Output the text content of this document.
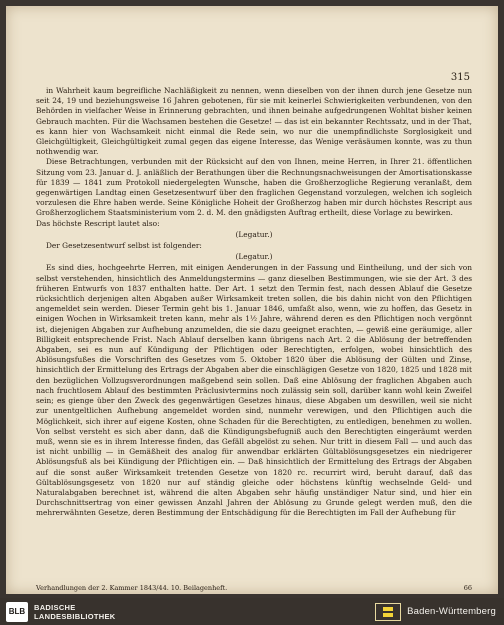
315

in Wahrheit kaum begreifliche Nachläßigkeit zu nennen, wenn dieselben von der ihnen durch jene Gesetze nun seit 24, 19 und beziehungsweise 16 Jahren gebotenen, für sie mit keinerlei Schwierigkeiten verbundenen, von den Behörden in vielfacher Weise in Erinnerung gebrachten, und ihnen beinahe aufgedrungenen Wohltat bisher keinen Gebrauch machten. Für die Wachsamen bestehen die Gesetze! — das ist ein bekannter Rechtssatz, und in der That, es kann hier von Wachsamkeit nicht einmal die Rede sein, wo nur die unempfindlichste Sorglosigkeit und Gleichgültigkeit, Gleichgültigkeit zumal gegen das eigene Interesse, das Wenige veräsäumen konnte, was zu thun nothwendig war.

Diese Betrachtungen, verbunden mit der Rücksicht auf den von Ihnen, meine Herren, in Ihrer 21. öffentlichen Sitzung vom 23. Januar d. J. anläßlich der Berathungen über die Rechnungsnachweisungen der Amortisationskasse für 1839 — 1841 zum Protokoll niedergelegten Wunsche, haben die Großherzogliche Regierung veranlaßt, dem gegenwärtigen Landtag einen Gesetzesentwurf über den fraglichen Gegenstand vorzulegen, welchen ich sogleich vorzulesen die Ehre haben werde. Seine Königliche Hoheit der Großherzog haben mir durch höchstes Rescript aus Großherzoglichem Staatsministerium vom 2. d. M. den gnädigsten Auftrag ertheilt, diese Vorlage zu bewirken.

Das höchste Rescript lautet also:

(Legatur.)

Der Gesetzesentwurf selbst ist folgender:

(Legatur.)

Es sind dies, hochgeehrte Herren, mit einigen Aenderungen in der Fassung und Eintheilung, und der sich von selbst verstehenden, hinsichtlich des Anmeldungstermins — ganz dieselben Bestimmungen, wie sie der Art. 3 des früheren Entwurfs von 1837 enthalten hatte. Der Art. 1 setzt den Termin fest, nach dessen Ablauf die Gesetze rücksichtlich derjenigen alten Abgaben außer Wirksamkeit treten sollen, die bis dahin nicht von den Pflichtigen angemeldet sein werden. Dieser Termin geht bis 1. Januar 1846, umfaßt also, wenn, wie zu hoffen, das Gesetz in einigen Wochen in Wirksamkeit treten kann, mehr als 1½ Jahre, während deren es den Pflichtigen noch vergönnt ist, diejenigen Abgaben zur Aufhebung anzumelden, die sie dazu geeignet erachten, — gewiß eine geräumige, aller Billigkeit entsprechende Frist. Nach Ablauf derselben kann übrigens nach Art. 2 die Ablösung der betreffenden Abgaben, sei es nun auf Kündigung der Pflichtigen oder Berechtigten, erfolgen, wobei hinsichtlich des Ablösungsfußes die Vorschriften des Gesetzes vom 5. Oktober 1820 über die Ablösung der Gülten und Zinse, hinsichtlich der Ermittelung des Ertrags der Abgaben aber die einschlägigen Gesetze von 1820, 1825 und 1828 mit den bezüglichen Vollzugsverordnungen maßgebend sein sollen. Daß eine Ablösung der fraglichen Abgaben auch nach fruchtlosem Ablauf des bestimmten Präclusivtermins noch zulässig sein soll, darüber kann wohl kein Zweifel sein; es gienge über den Zweck des gegenwärtigen Gesetzes hinaus, diese Abgaben um deswillen, weil sie nicht zur unentgeltlichen Aufhebung angemeldet worden sind, nunmehr verewigen, und den Pflichtigen auch die Möglichkeit, sich ihrer auf eigene Kosten, ohne Schaden für die Berechtigten, zu entledigen, benehmen zu wollen. Von selbst versteht es sich aber dann, daß die Kündigungsbefugniß auch den Berechtigten eingeräumt werden muß, wenn sie es in ihrem Interesse finden, das Gefäll abgelöst zu sehen. Nur tritt in diesem Fall — und auch das ist nicht unbillig — in Gemäßheit des analog für anwendbar erklärten Gültablösungsgesetzes ein niedrigerer Ablösungsfuß als bei Kündigung der Pflichtigen ein. — Daß hinsichtlich der Ermittelung des Ertrags der Abgaben auf die sonst außer Wirksamkeit tretenden Gesetze von 1820 rc. recurrirt wird, beruht darauf, daß das Gültablösungsgesetz von 1820 nur auf ständig gleiche oder höchstens künftig wechselnde Geld- und Naturalabgaben berechnet ist, während die alten Abgaben sehr häufig unständiger Natur sind, und hier ein Durchschnittsertrag von einer gewissen Anzahl Jahren der Ablösung zu Grunde gelegt werden muß, den die mehrerwähnten Gesetze, deren Bestimmung der Entschädigung für die Berechtigten im Fall der Aufhebung für

Verhandlungen der 2. Kammer 1843/44. 10. Beilagenheft.	66
BLB	BADISCHE
LANDESBIBLIOTHEK	Baden-Württemberg
